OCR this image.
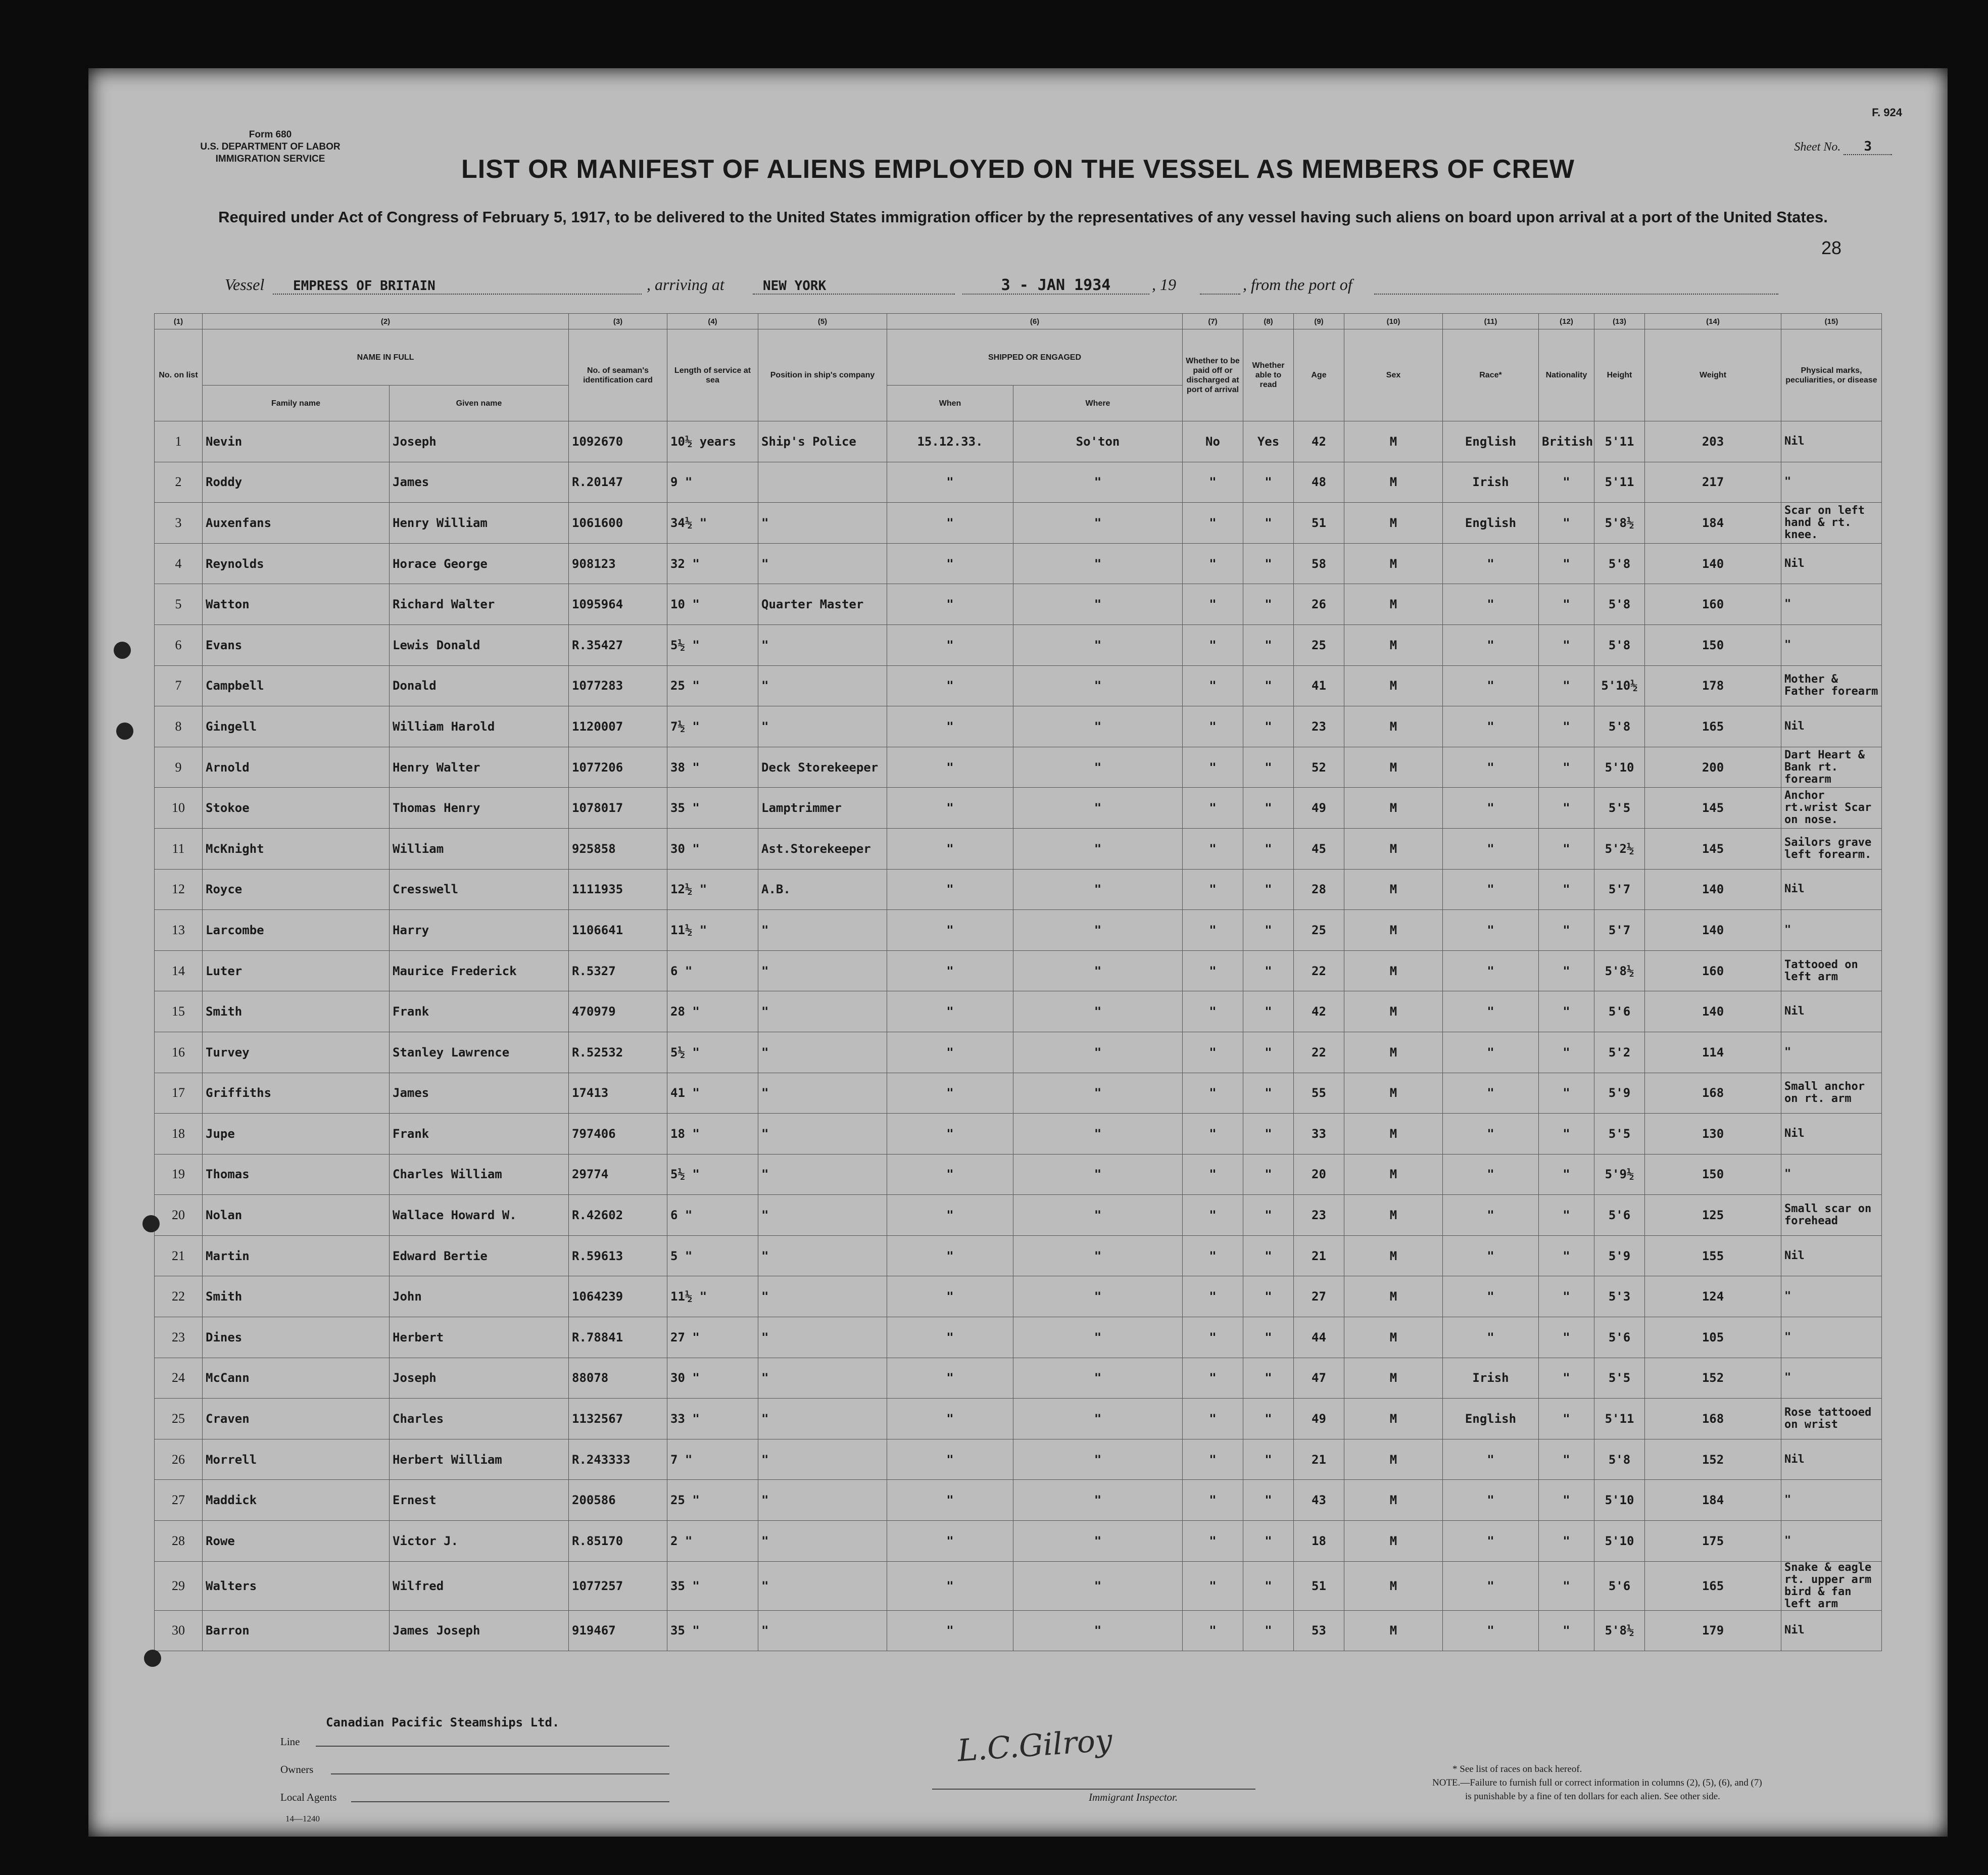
Form 680
U.S. DEPARTMENT OF LABOR
IMMIGRATION SERVICE
F. 924
Sheet No. 3
LIST OR MANIFEST OF ALIENS EMPLOYED ON THE VESSEL AS MEMBERS OF CREW
Required under Act of Congress of February 5, 1917, to be delivered to the United States immigration officer by the representatives of any vessel having such aliens on board upon arrival at a port of the United States.
28
Vessel	EMPRESS OF BRITAIN	, arriving at	NEW YORK	3 - JAN 1934	, 19	, from the port of
(1)	(2)		(3)	(4)	(5)	(6)		(7)	(8)	(9)	(10)	(11)	(12)	(13)	(14)	(15)
No. on list	NAME IN FULL		No. of seaman's identification card	Length of service at sea	Position in ship's company	SHIPPED OR ENGAGED		Whether to be paid off or discharged at port of arrival	Whether able to read	Age	Sex	Race*	Nationality	Height	Weight	Physical marks, peculiarities, or disease
	Family name	Given name				When	Where									
1	Nevin	Joseph	1092670	10½ years	Ship's Police	15.12.33.	So'ton	No	Yes	42	M	English	British	5'11	203	Nil
2	Roddy	James	R.20147	9 "		"	"	"	"	48	M	Irish	"	5'11	217	"
3	Auxenfans	Henry William	1061600	34½ "	"	"	"	"	"	51	M	English	"	5'8½	184	Scar on left hand & rt. knee.
4	Reynolds	Horace George	908123	32 "	"	"	"	"	"	58	M	"	"	5'8	140	Nil
5	Watton	Richard Walter	1095964	10 "	Quarter Master	"	"	"	"	26	M	"	"	5'8	160	"
6	Evans	Lewis Donald	R.35427	5½ "	"	"	"	"	"	25	M	"	"	5'8	150	"
7	Campbell	Donald	1077283	25 "	"	"	"	"	"	41	M	"	"	5'10½	178	Mother & Father forearm
8	Gingell	William Harold	1120007	7½ "	"	"	"	"	"	23	M	"	"	5'8	165	Nil
9	Arnold	Henry Walter	1077206	38 "	Deck Storekeeper	"	"	"	"	52	M	"	"	5'10	200	Dart Heart & Bank rt. forearm
10	Stokoe	Thomas Henry	1078017	35 "	Lamptrimmer	"	"	"	"	49	M	"	"	5'5	145	Anchor rt.wrist Scar on nose.
11	McKnight	William	925858	30 "	Ast.Storekeeper	"	"	"	"	45	M	"	"	5'2½	145	Sailors grave left forearm.
12	Royce	Cresswell	1111935	12½ "	A.B.	"	"	"	"	28	M	"	"	5'7	140	Nil
13	Larcombe	Harry	1106641	11½ "	"	"	"	"	"	25	M	"	"	5'7	140	"
14	Luter	Maurice Frederick	R.5327	6 "	"	"	"	"	"	22	M	"	"	5'8½	160	Tattooed on left arm
15	Smith	Frank	470979	28 "	"	"	"	"	"	42	M	"	"	5'6	140	Nil
16	Turvey	Stanley Lawrence	R.52532	5½ "	"	"	"	"	"	22	M	"	"	5'2	114	"
17	Griffiths	James	17413	41 "	"	"	"	"	"	55	M	"	"	5'9	168	Small anchor on rt. arm
18	Jupe	Frank	797406	18 "	"	"	"	"	"	33	M	"	"	5'5	130	Nil
19	Thomas	Charles William	29774	5½ "	"	"	"	"	"	20	M	"	"	5'9½	150	"
20	Nolan	Wallace Howard W.	R.42602	6 "	"	"	"	"	"	23	M	"	"	5'6	125	Small scar on forehead
21	Martin	Edward Bertie	R.59613	5 "	"	"	"	"	"	21	M	"	"	5'9	155	Nil
22	Smith	John	1064239	11½ "	"	"	"	"	"	27	M	"	"	5'3	124	"
23	Dines	Herbert	R.78841	27 "	"	"	"	"	"	44	M	"	"	5'6	105	"
24	McCann	Joseph	88078	30 "	"	"	"	"	"	47	M	Irish	"	5'5	152	"
25	Craven	Charles	1132567	33 "	"	"	"	"	"	49	M	English	"	5'11	168	Rose tattooed on wrist
26	Morrell	Herbert William	R.243333	7 "	"	"	"	"	"	21	M	"	"	5'8	152	Nil
27	Maddick	Ernest	200586	25 "	"	"	"	"	"	43	M	"	"	5'10	184	"
28	Rowe	Victor J.	R.85170	2 "	"	"	"	"	"	18	M	"	"	5'10	175	"
29	Walters	Wilfred	1077257	35 "	"	"	"	"	"	51	M	"	"	5'6	165	Snake & eagle rt. upper arm bird & fan left arm
30	Barron	James Joseph	919467	35 "	"	"	"	"	"	53	M	"	"	5'8½	179	Nil
Canadian Pacific Steamships Ltd.
Line
Owners
Local Agents
14—1240
L.C.Gilroy
Immigrant Inspector.
* See list of races on back hereof.
NOTE.—Failure to furnish full or correct information in columns (2), (5), (6), and (7)
is punishable by a fine of ten dollars for each alien. See other side.
